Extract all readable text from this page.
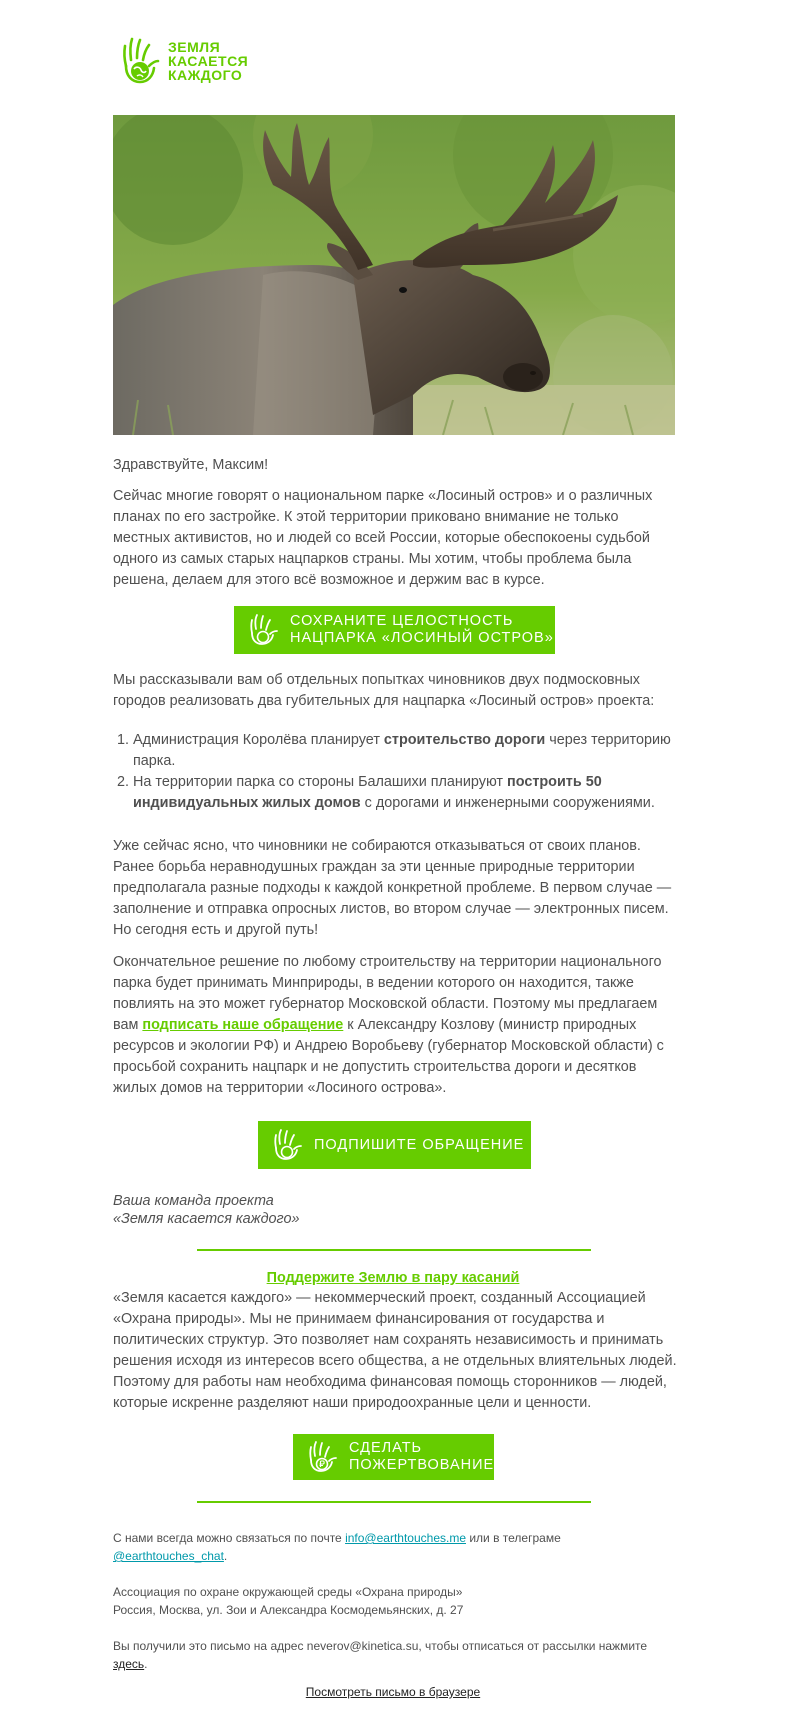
ЗЕМЛЯ
КАСАЕТСЯ
КАЖДОГО
Здравствуйте, Максим!
Сейчас многие говорят о национальном парке «Лосиный остров» и о различных планах по его застройке. К этой территории приковано внимание не только местных активистов, но и людей со всей России, которые обеспокоены судьбой одного из самых старых нацпарков страны. Мы хотим, чтобы проблема была решена, делаем для этого всё возможное и держим вас в курсе.
СОХРАНИТЕ ЦЕЛОСТНОСТЬ
НАЦПАРКА «ЛОСИНЫЙ ОСТРОВ»
Мы рассказывали вам об отдельных попытках чиновников двух подмосковных городов реализовать два губительных для нацпарка «Лосиный остров» проекта:
1. Администрация Королёва планирует строительство дороги через территорию парка.
2. На территории парка со стороны Балашихи планируют построить 50 индивидуальных жилых домов с дорогами и инженерными сооружениями.
Уже сейчас ясно, что чиновники не собираются отказываться от своих планов. Ранее борьба неравнодушных граждан за эти ценные природные территории предполагала разные подходы к каждой конкретной проблеме. В первом случае — заполнение и отправка опросных листов, во втором случае — электронных писем. Но сегодня есть и другой путь!
Окончательное решение по любому строительству на территории национального парка будет принимать Минприроды, в ведении которого он находится, также повлиять на это может губернатор Московской области. Поэтому мы предлагаем вам подписать наше обращение к Александру Козлову (министр природных ресурсов и экологии РФ) и Андрею Воробьеву (губернатор Московской области) с просьбой сохранить нацпарк и не допустить строительства дороги и десятков жилых домов на территории «Лосиного острова».
ПОДПИШИТЕ ОБРАЩЕНИЕ
Ваша команда проекта
«Земля касается каждого»
Поддержите Землю в пару касаний
«Земля касается каждого» — некоммерческий проект, созданный Ассоциацией «Охрана природы». Мы не принимаем финансирования от государства и политических структур. Это позволяет нам сохранять независимость и принимать решения исходя из интересов всего общества, а не отдельных влиятельных людей. Поэтому для работы нам необходима финансовая помощь сторонников — людей, которые искренне разделяют наши природоохранные цели и ценности.
СДЕЛАТЬ
ПОЖЕРТВОВАНИЕ
С нами всегда можно связаться по почте info@earthtouches.me или в телеграме
@earthtouches_chat.
Ассоциация по охране окружающей среды «Охрана природы»
Россия, Москва, ул. Зои и Александра Космодемьянских, д. 27
Вы получили это письмо на адрес neverov@kinetica.su, чтобы отписаться от рассылки нажмите здесь.
Посмотреть письмо в браузере
